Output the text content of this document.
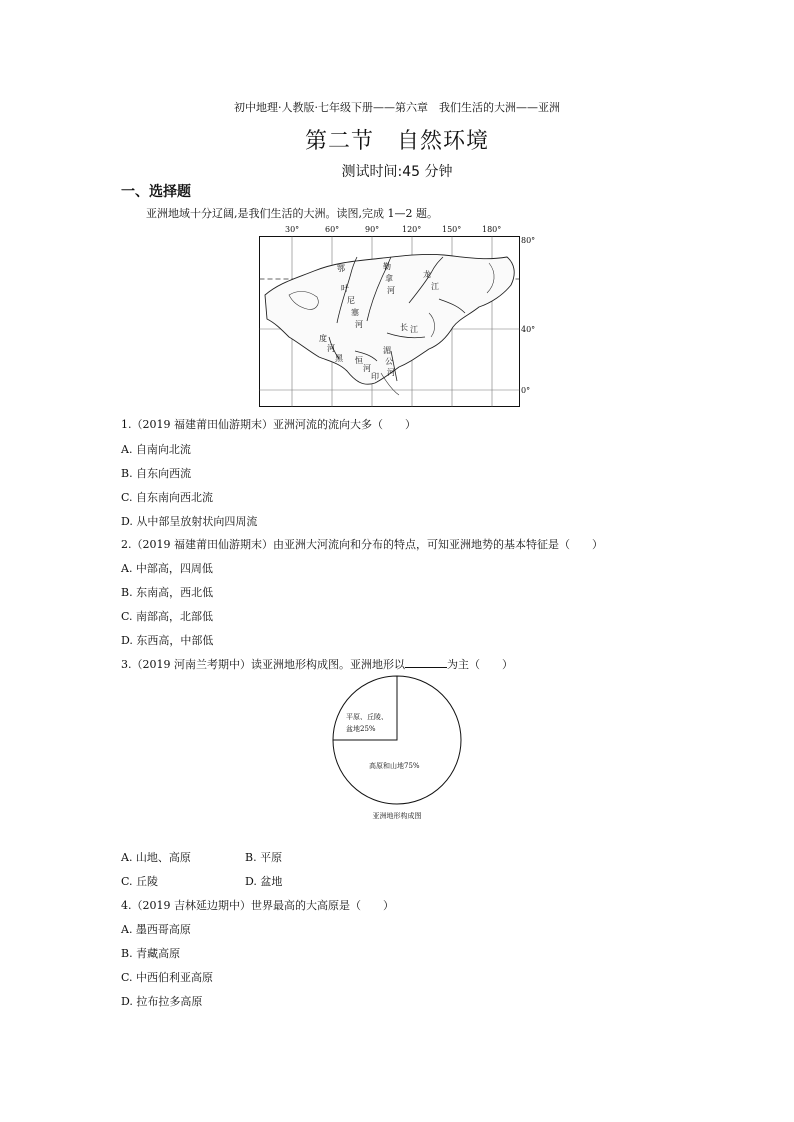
初中地理·人教版·七年级下册——第六章　我们生活的大洲——亚洲
第二节　自然环境
测试时间:45 分钟
一、选择题
亚洲地域十分辽阔,是我们生活的大洲。读图,完成 1—2 题。
80°
40°
0°
鄂
叶
尼
塞
河
勒
拿
河
湄
公
河
长 江
恒
河
印
度
河
黑
龙
江
30°	60°	90°	120°	150°	180°
1.（2019 福建莆田仙游期末）亚洲河流的流向大多（　　）
A. 自南向北流
B. 自东向西流
C. 自东南向西北流
D. 从中部呈放射状向四周流
2.（2019 福建莆田仙游期末）由亚洲大河流向和分布的特点，可知亚洲地势的基本特征是（　　）
A. 中部高，四周低
B. 东南高，西北低
C. 南部高，北部低
D. 东西高，中部低
3.（2019 河南兰考期中）读亚洲地形构成图。亚洲地形以	为主（　　）
平原、丘陵、
盆地25%
高原和山地75%
亚洲地形构成图
A. 山地、高原	B. 平原
C. 丘陵	D. 盆地
4.（2019 吉林延边期中）世界最高的大高原是（　　）
A. 墨西哥高原
B. 青藏高原
C. 中西伯利亚高原
D. 拉布拉多高原
